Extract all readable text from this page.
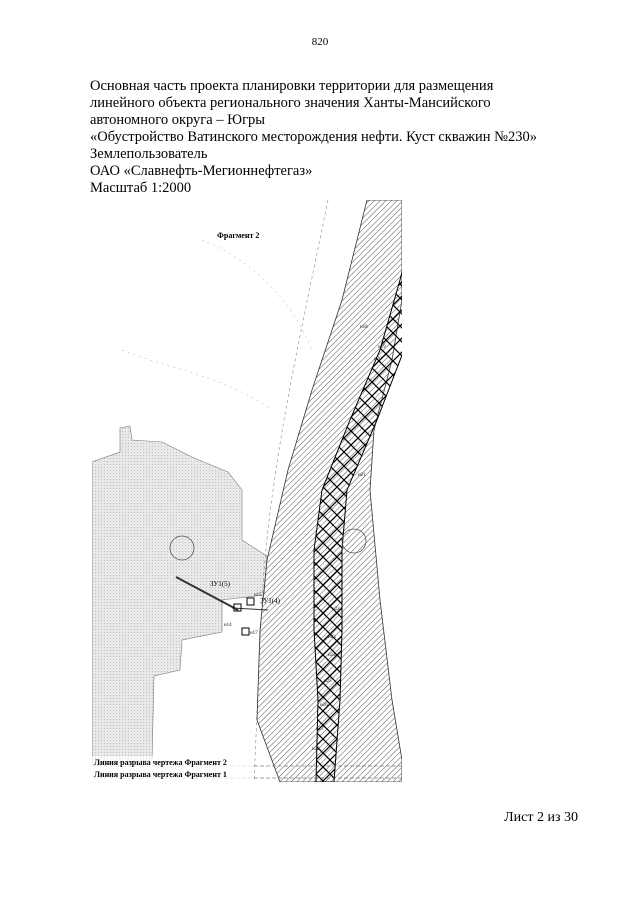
820
Основная часть проекта планировки территории для размещения
линейного объекта регионального значения Ханты-Мансийского
автономного округа – Югры
«Обустройство Ватинского месторождения нефти. Куст скважин №230»
Землепользователь
ОАО «Славнефть-Мегионнефтегаз»
Масштаб 1:2000
Фрагмент 2
ЗУ1(5)
ЗУ1(4)
н14
н15
н17
н18
н19
н20
н21
н22
н23
н24
н25
н26
н27
н28
Линия разрыва чертежа Фрагмент 2
Линия разрыва чертежа Фрагмент 1
Лист 2 из 30
